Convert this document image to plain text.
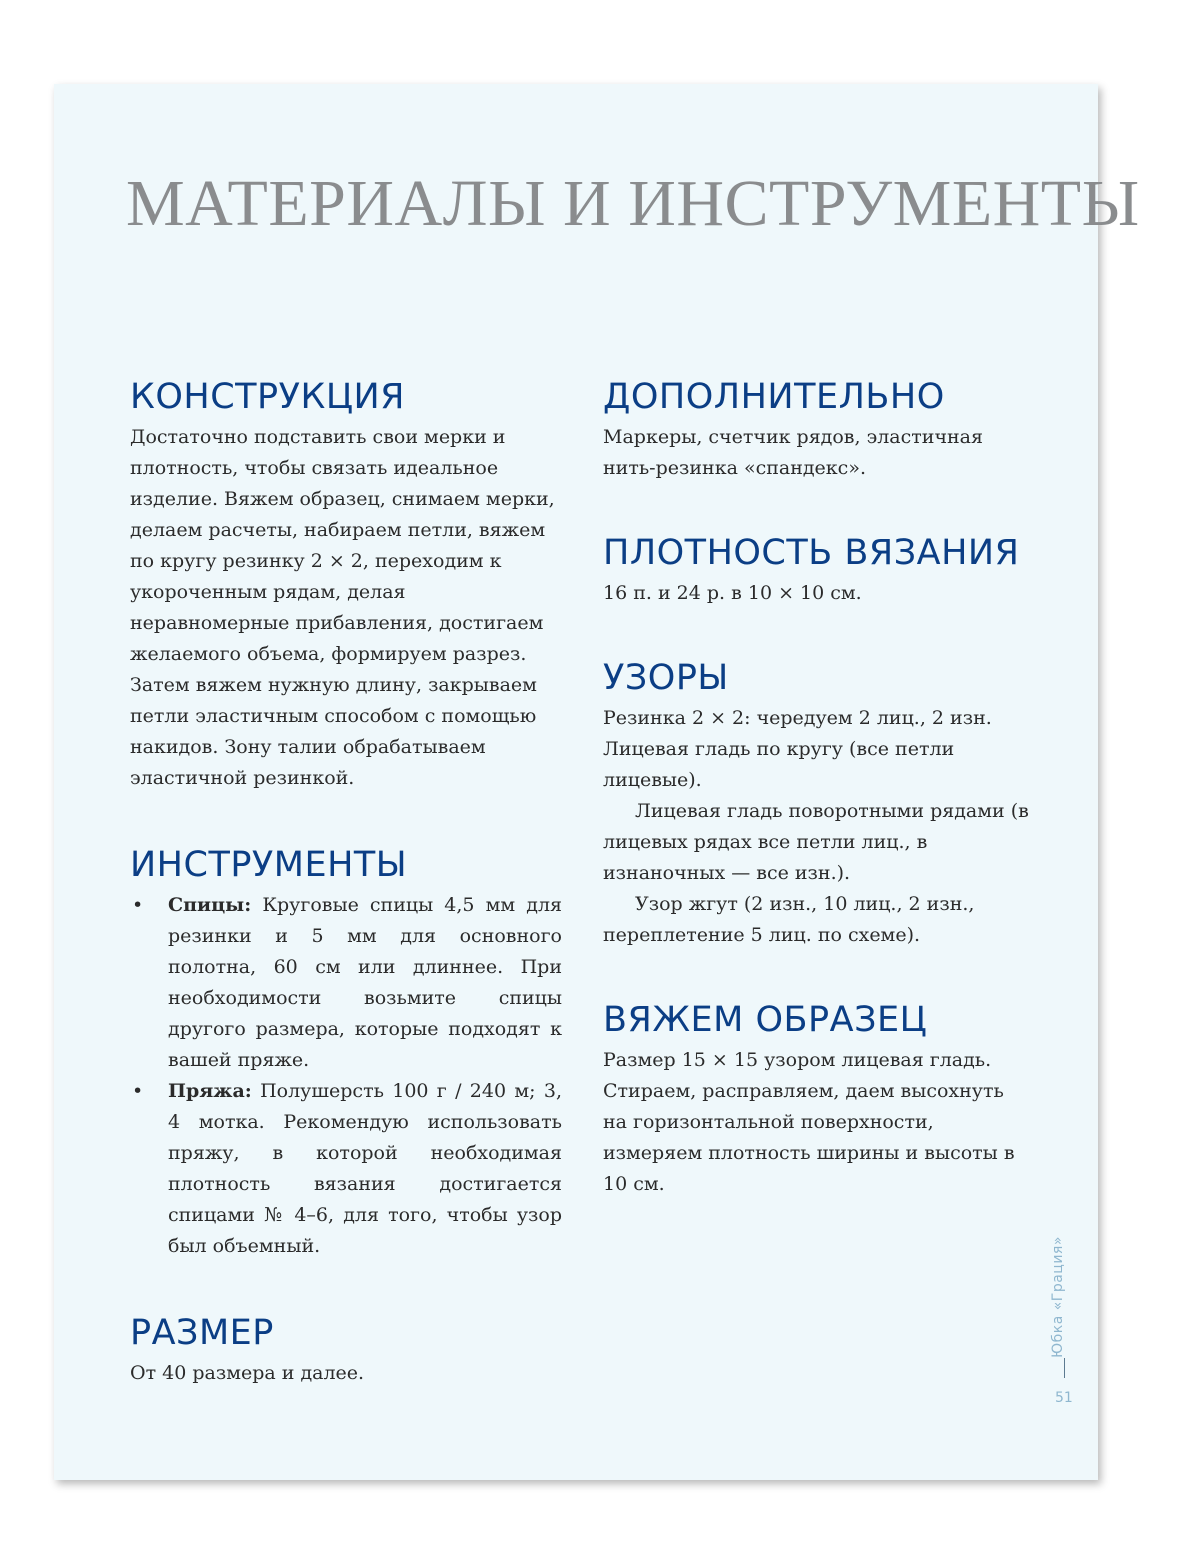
МАТЕРИАЛЫ И ИНСТРУМЕНТЫ
КОНСТРУКЦИЯ

Достаточно подставить свои мерки и плотность, чтобы связать идеальное изделие. Вяжем образец, снимаем мерки, делаем расчеты, набираем петли, вяжем по кругу резинку 2 × 2, переходим к укороченным рядам, делая неравномерные прибавления, достигаем желаемого объема, формируем разрез. Затем вяжем нужную длину, закрываем петли эластичным способом с помощью накидов. Зону талии обрабатываем эластичной резинкой.

ИНСТРУМЕНТЫ
• Спицы: Круговые спицы 4,5 мм для резинки и 5 мм для основного полотна, 60 см или длиннее. При необходимости возьмите спицы другого размера, которые подходят к вашей пряже.
• Пряжа: Полушерсть 100 г / 240 м; 3, 4 мотка. Рекомендую использовать пряжу, в которой необходимая плотность вязания достигается спицами № 4–6, для того, чтобы узор был объемный.
РАЗМЕР

От 40 размера и далее.

ДОПОЛНИТЕЛЬНО

Маркеры, счетчик рядов, эластичная нить-резинка «спандекс».

ПЛОТНОСТЬ ВЯЗАНИЯ

16 п. и 24 р. в 10 × 10 см.

УЗОРЫ

Резинка 2 × 2: чередуем 2 лиц., 2 изн. Лицевая гладь по кругу (все петли лицевые).

Лицевая гладь поворотными рядами (в лицевых рядах все петли лиц., в изнаночных — все изн.).

Узор жгут (2 изн., 10 лиц., 2 изн., переплетение 5 лиц. по схеме).

ВЯЖЕМ ОБРАЗЕЦ

Размер 15 × 15 узором лицевая гладь. Стираем, расправляем, даем высохнуть на горизонтальной поверхности, измеряем плотность ширины и высоты в 10 см.

Юбка «Грация»
51
